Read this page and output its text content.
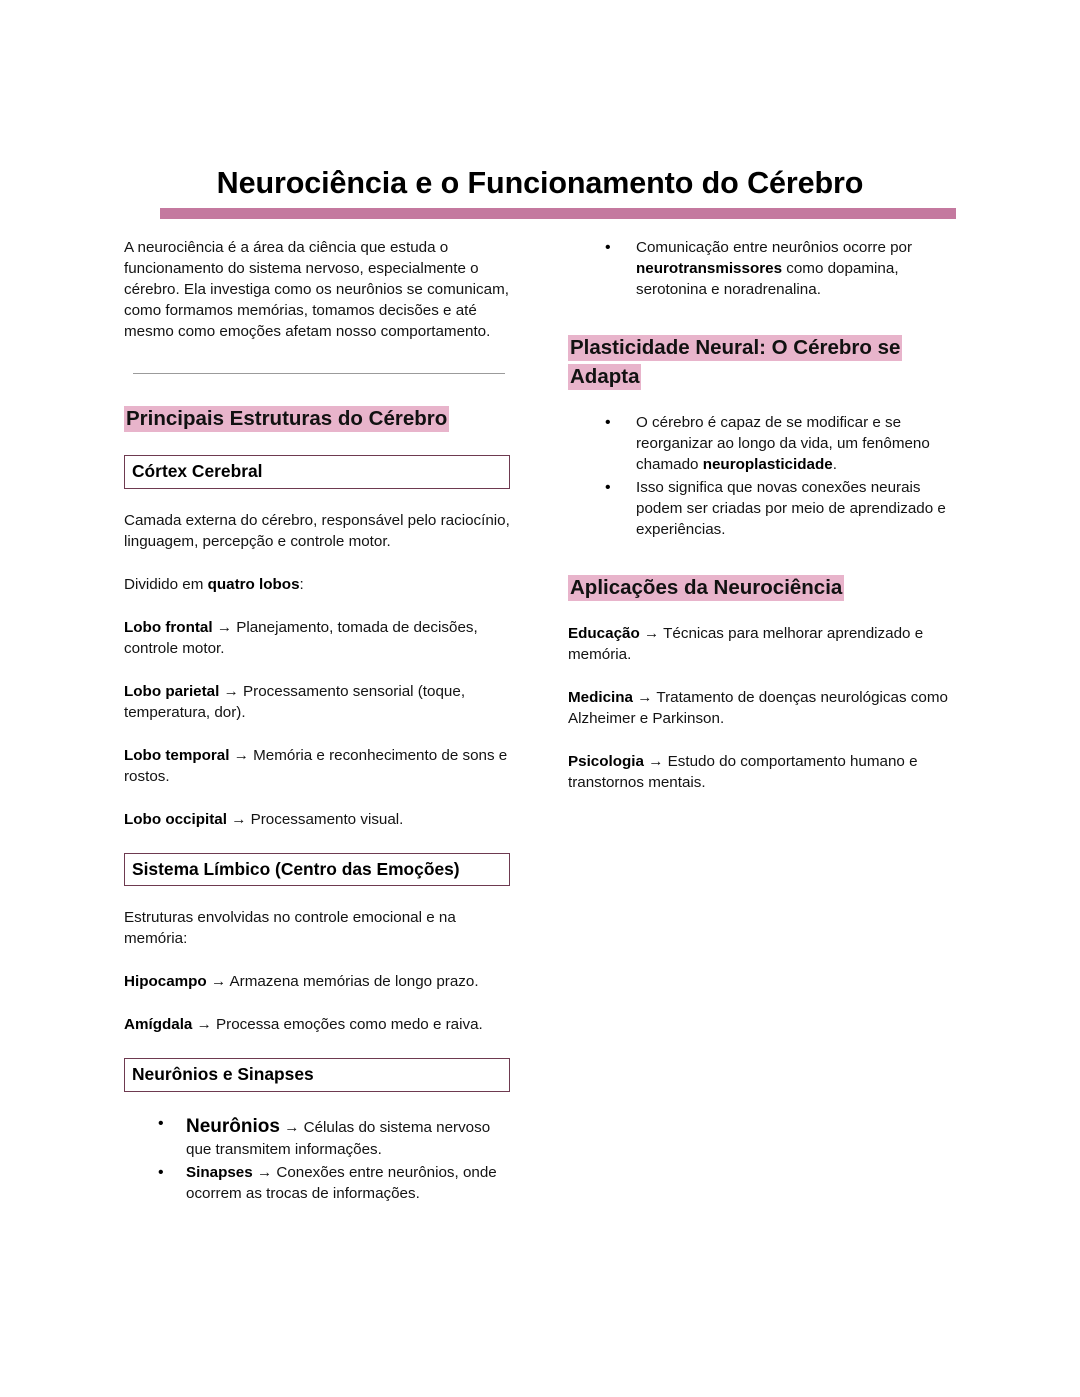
Neurociência e o Funcionamento do Cérebro

A neurociência é a área da ciência que estuda o funcionamento do sistema nervoso, especialmente o cérebro. Ela investiga como os neurônios se comunicam, como formamos memórias, tomamos decisões e até mesmo como emoções afetam nosso comportamento.

Principais Estruturas do Cérebro
Córtex Cerebral

Camada externa do cérebro, responsável pelo raciocínio, linguagem, percepção e controle motor.

Dividido em quatro lobos:

Lobo frontal → Planejamento, tomada de decisões, controle motor.

Lobo parietal → Processamento sensorial (toque, temperatura, dor).

Lobo temporal → Memória e reconhecimento de sons e rostos.

Lobo occipital → Processamento visual.

Sistema Límbico (Centro das Emoções)

Estruturas envolvidas no controle emocional e na memória:

Hipocampo → Armazena memórias de longo prazo.

Amígdala → Processa emoções como medo e raiva.

Neurônios e Sinapses
• Neurônios → Células do sistema nervoso que transmitem informações.
• Sinapses → Conexões entre neurônios, onde ocorrem as trocas de informações.
• Comunicação entre neurônios ocorre por neurotransmissores como dopamina, serotonina e noradrenalina.
Plasticidade Neural: O Cérebro se Adapta
• O cérebro é capaz de se modificar e se reorganizar ao longo da vida, um fenômeno chamado neuroplasticidade.
• Isso significa que novas conexões neurais podem ser criadas por meio de aprendizado e experiências.
Aplicações da Neurociência

Educação → Técnicas para melhorar aprendizado e memória.

Medicina → Tratamento de doenças neurológicas como Alzheimer e Parkinson.

Psicologia → Estudo do comportamento humano e transtornos mentais.
